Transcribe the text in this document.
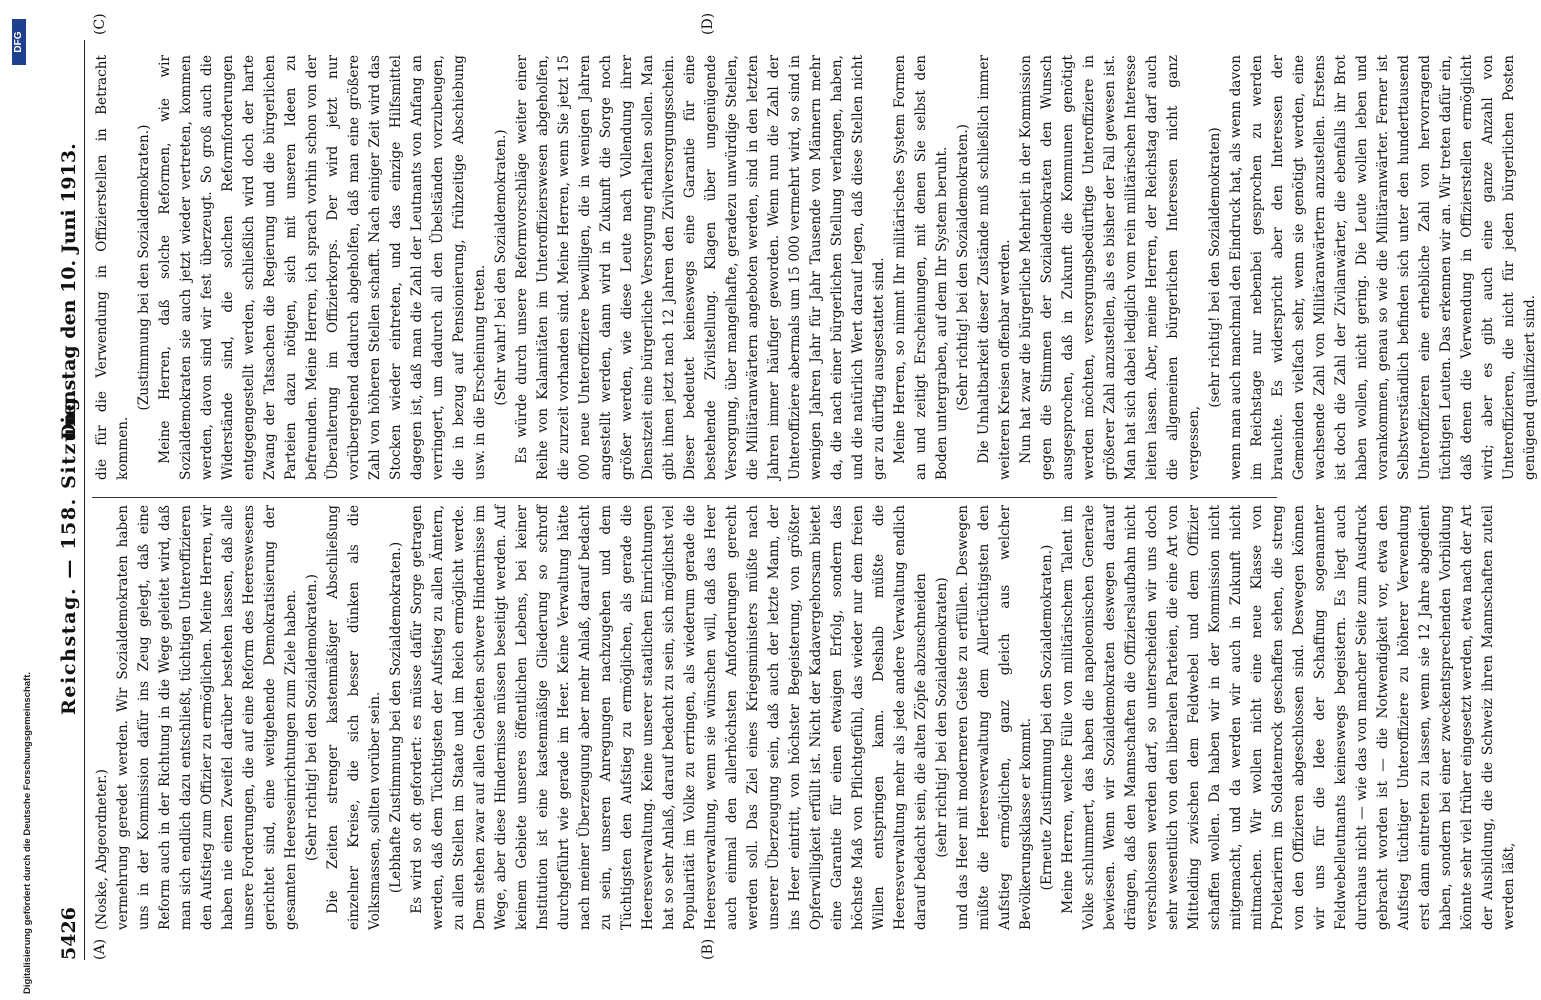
DFG
Digitalisierung gefördert durch die Deutsche Forschungsgemeinschaft. 5426
Reichstag. — 158. Sitzung.
Dienstag den 10. Juni 1913.
(A)	(B)
(C)	(D)

(Noske, Abgeordneter.) vermehrung geredet werden. Wir Sozialdemokraten haben uns in der Kommission dafür ins Zeug gelegt, daß eine Reform auch in der Richtung in die Wege geleitet wird, daß man sich endlich dazu entschließt, tüchtigen Unteroffizieren den Aufstieg zum Offizier zu ermöglichen. Meine Herren, wir haben nie einen Zweifel darüber bestehen lassen, daß alle unsere Forderungen, die auf eine Reform des Heereswesens gerichtet sind, eine weitgehende Demokratisierung der gesamten Heereseinrichtungen zum Ziele haben. (Sehr richtig! bei den Sozialdemokraten.) Die Zeiten strenger kastenmäßiger Abschließung einzelner Kreise, die sich besser dünken als die Volksmassen, sollten vorüber sein. (Lebhafte Zustimmung bei den Sozialdemokraten.) Es wird so oft gefordert: es müsse dafür Sorge getragen werden, daß dem Tüchtigsten der Aufstieg zu allen Ämtern, zu allen Stellen im Staate und im Reich ermöglicht werde. Dem stehen zwar auf allen Gebieten schwere Hindernisse im Wege, aber diese Hindernisse müssen beseitigt werden. Auf keinem Gebiete unseres öffentlichen Lebens, bei keiner Institution ist eine kastenmäßige Gliederung so schroff durchgeführt wie gerade im Heer. Keine Verwaltung hätte nach meiner Überzeugung aber mehr Anlaß, darauf bedacht zu sein, unseren Anregungen nachzugehen und dem Tüchtigsten den Aufstieg zu ermöglichen, als gerade die Heeresverwaltung. Keine unserer staatlichen Einrichtungen hat so sehr Anlaß, darauf bedacht zu sein, sich möglichst viel Popularität im Volke zu erringen, als wiederum gerade die Heeresverwaltung, wenn sie wünschen will, daß das Heer auch einmal den allerhöchsten Anforderungen gerecht werden soll. Das Ziel eines Kriegsministers müßte nach unserer Überzeugung sein, daß auch der letzte Mann, der ins Heer eintritt, von höchster Begeisterung, von größter Opferwilligkeit erfüllt ist. Nicht der Kadavergehorsam bietet eine Garantie für einen etwaigen Erfolg, sondern das höchste Maß von Pflichtgefühl, das wieder nur dem freien Willen entspringen kann. Deshalb müßte die Heeresverwaltung mehr als jede andere Verwaltung endlich darauf bedacht sein, die alten Zöpfe abzuschneiden (sehr richtig! bei den Sozialdemokraten) und das Heer mit moderneren Geiste zu erfüllen. Deswegen müßte die Heeresverwaltung dem Allertüchtigsten den Aufstieg ermöglichen, ganz gleich aus welcher Bevölkerungsklasse er kommt. (Erneute Zustimmung bei den Sozialdemokraten.) Meine Herren, welche Fülle von militärischem Talent im Volke schlummert, das haben die napoleonischen Generale bewiesen. Wenn wir Sozialdemokraten deswegen darauf drängen, daß den Mannschaften die Offizierslaufbahn nicht verschlossen werden darf, so unterscheiden wir uns doch sehr wesentlich von den liberalen Parteien, die eine Art von Mittelding zwischen dem Feldwebel und dem Offizier schaffen wollen. Da haben wir in der Kommission nicht mitgemacht, und da werden wir auch in Zukunft nicht mitmachen. Wir wollen nicht eine neue Klasse von Proletariern im Soldatenrock geschaffen sehen, die streng von den Offizieren abgeschlossen sind. Deswegen können wir uns für die Idee der Schaffung sogenannter Feldwebelleutnants keineswegs begeistern. Es liegt auch durchaus nicht — wie das von mancher Seite zum Ausdruck gebracht worden ist — die Notwendigkeit vor, etwa den Aufstieg tüchtiger Unteroffiziere zu höherer Verwendung erst dann eintreten zu lassen, wenn sie 12 Jahre abgedient haben, sondern bei einer zweckentsprechenden Vorbildung könnte sehr viel früher eingesetzt werden, etwa nach der Art der Ausbildung, die die Schweiz ihren Mannschaften zuteil werden läßt,

die für die Verwendung in Offizierstellen in Betracht kommen.

(Zustimmung bei den Sozialdemokraten.) Meine Herren, daß solche Reformen, wie wir Sozialdemokraten sie auch jetzt wieder vertreten, kommen werden, davon sind wir fest überzeugt. So groß auch die Widerstände sind, die solchen Reformforderungen entgegengestellt werden, schließlich wird doch der harte Zwang der Tatsachen die Regierung und die bürgerlichen Parteien dazu nötigen, sich mit unseren Ideen zu befreunden. Meine Herren, ich sprach vorhin schon von der Überalterung im Offizierkorps. Der wird jetzt nur vorübergehend dadurch abgeholfen, daß man eine größere Zahl von höheren Stellen schafft. Nach einiger Zeit wird das Stocken wieder eintreten, und das einzige Hilfsmittel dagegen ist, daß man die Zahl der Leutnants von Anfang an verringert, um dadurch all den Übelständen vorzubeugen, die in bezug auf Pensionierung, frühzeitige Abschiebung usw. in die Erscheinung treten. (Sehr wahr! bei den Sozialdemokraten.) Es würde durch unsere Reformvorschläge weiter einer Reihe von Kalamitäten im Unteroffizierswesen abgeholfen, die zurzeit vorhanden sind. Meine Herren, wenn Sie jetzt 15 000 neue Unteroffiziere bewilligen, die in wenigen Jahren angestellt werden, dann wird in Zukunft die Sorge noch größer werden, wie diese Leute nach Vollendung ihrer Dienstzeit eine bürgerliche Versorgung erhalten sollen. Man gibt ihnen jetzt nach 12 Jahren den Zivilversorgungsschein. Dieser bedeutet keineswegs eine Garantie für eine bestehende Zivilstellung. Klagen über ungenügende Versorgung, über mangelhafte, geradezu unwürdige Stellen, die Militäranwärtern angeboten werden, sind in den letzten Jahren immer häufiger geworden. Wenn nun die Zahl der Unteroffiziere abermals um 15 000 vermehrt wird, so sind in wenigen Jahren Jahr für Jahr Tausende von Männern mehr da, die nach einer bürgerlichen Stellung verlangen, haben, und die natürlich Wert darauf legen, daß diese Stellen nicht gar zu dürftig ausgestattet sind. Meine Herren, so nimmt Ihr militärisches System Formen an und zeitigt Erscheinungen, mit denen Sie selbst den Boden untergraben, auf dem Ihr System beruht. (Sehr richtig! bei den Sozialdemokraten.) Die Unhaltbarkeit dieser Zustände muß schließlich immer weiteren Kreisen offenbar werden. Nun hat zwar die bürgerliche Mehrheit in der Kommission gegen die Stimmen der Sozialdemokraten den Wunsch ausgesprochen, daß in Zukunft die Kommunen genötigt werden möchten, versorgungsbedürftige Unteroffiziere in größerer Zahl anzustellen, als es bisher der Fall gewesen ist. Man hat sich dabei lediglich vom rein militärischen Interesse leiten lassen. Aber, meine Herren, der Reichstag darf auch die allgemeinen bürgerlichen Interessen nicht ganz vergessen,

(sehr richtig! bei den Sozialdemokraten) wenn man auch manchmal den Eindruck hat, als wenn davon im Reichstage nur nebenbei gesprochen zu werden brauchte. Es widerspricht aber den Interessen der Gemeinden vielfach sehr, wenn sie genötigt werden, eine wachsende Zahl von Militäranwärtern anzustellen. Erstens ist doch die Zahl der Zivilanwärter, die ebenfalls ihr Brot haben wollen, nicht gering. Die Leute wollen leben und vorankommen, genau so wie die Militäranwärter. Ferner ist Selbstverständlich befinden sich unter den hunderttausend Unteroffizieren eine erhebliche Zahl von hervorragend tüchtigen Leuten. Das erkennen wir an. Wir treten dafür ein, daß denen die Verwendung in Offizierstellen ermöglicht wird; aber es gibt auch eine ganze Anzahl von Unteroffizieren, die nicht für jeden bürgerlichen Posten genügend qualifiziert sind.
